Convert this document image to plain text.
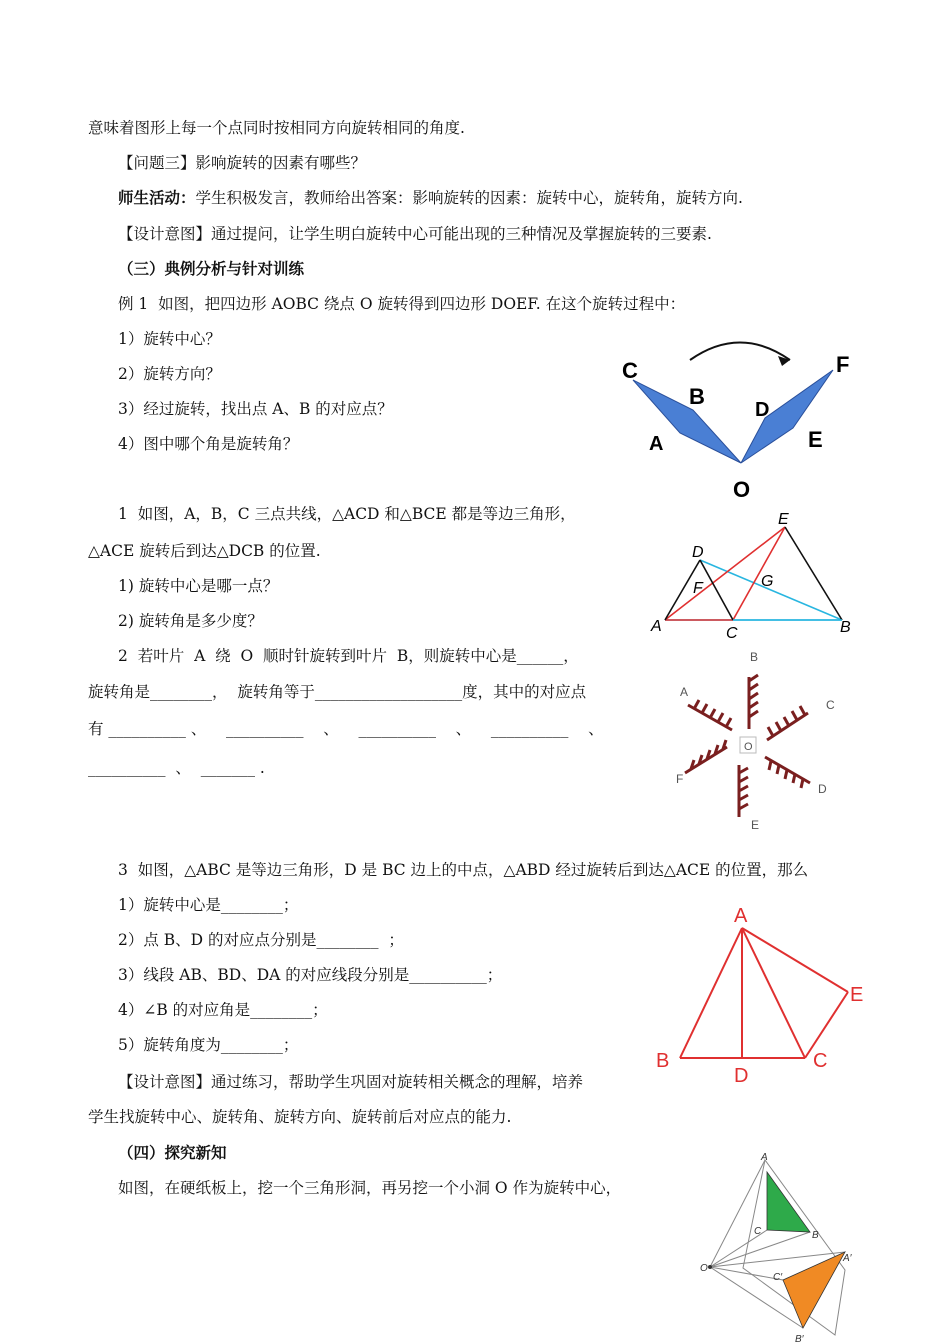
意味着图形上每一个点同时按相同方向旋转相同的角度.
【问题三】影响旋转的因素有哪些？
师生活动：学生积极发言，教师给出答案：影响旋转的因素：旋转中心，旋转角，旋转方向.
【设计意图】通过提问，让学生明白旋转中心可能出现的三种情况及掌握旋转的三要素.
（三）典例分析与针对训练
例 1  如图，把四边形 AOBC 绕点 O 旋转得到四边形 DOEF. 在这个旋转过程中：
1）旋转中心？
2）旋转方向？
3）经过旋转，找出点 A、B 的对应点？
4）图中哪个角是旋转角？
1  如图，A，B，C 三点共线，△ACD 和△BCE 都是等边三角形，
△ACE 旋转后到达△DCB 的位置.
1) 旋转中心是哪一点？
2) 旋转角是多少度？
2  若叶片  A  绕  O  顺时针旋转到叶片  B，则旋转中心是______，
旋转角是________，  旋转角等于___________________度，其中的对应点
有 __________ 、    __________    、    __________    、    __________    、
__________  、  _______ .
3  如图，△ABC 是等边三角形，D 是 BC 边上的中点，△ABD 经过旋转后到达△ACE 的位置，那么
1）旋转中心是________；
2）点 B、D 的对应点分别是________  ；
3）线段 AB、BD、DA 的对应线段分别是__________；
4）∠B 的对应角是________；
5）旋转角度为________；
【设计意图】通过练习，帮助学生巩固对旋转相关概念的理解，培养
学生找旋转中心、旋转角、旋转方向、旋转前后对应点的能力.
（四）探究新知
如图，在硬纸板上，挖一个三角形洞，再另挖一个小洞 O 作为旋转中心，
C
B
A
O
D
E
F
E
D
F	G
A	C	B
O
B
A
C
D
F
E
A
E
B
D
C
A
C	B
O
A′
C′
B′
